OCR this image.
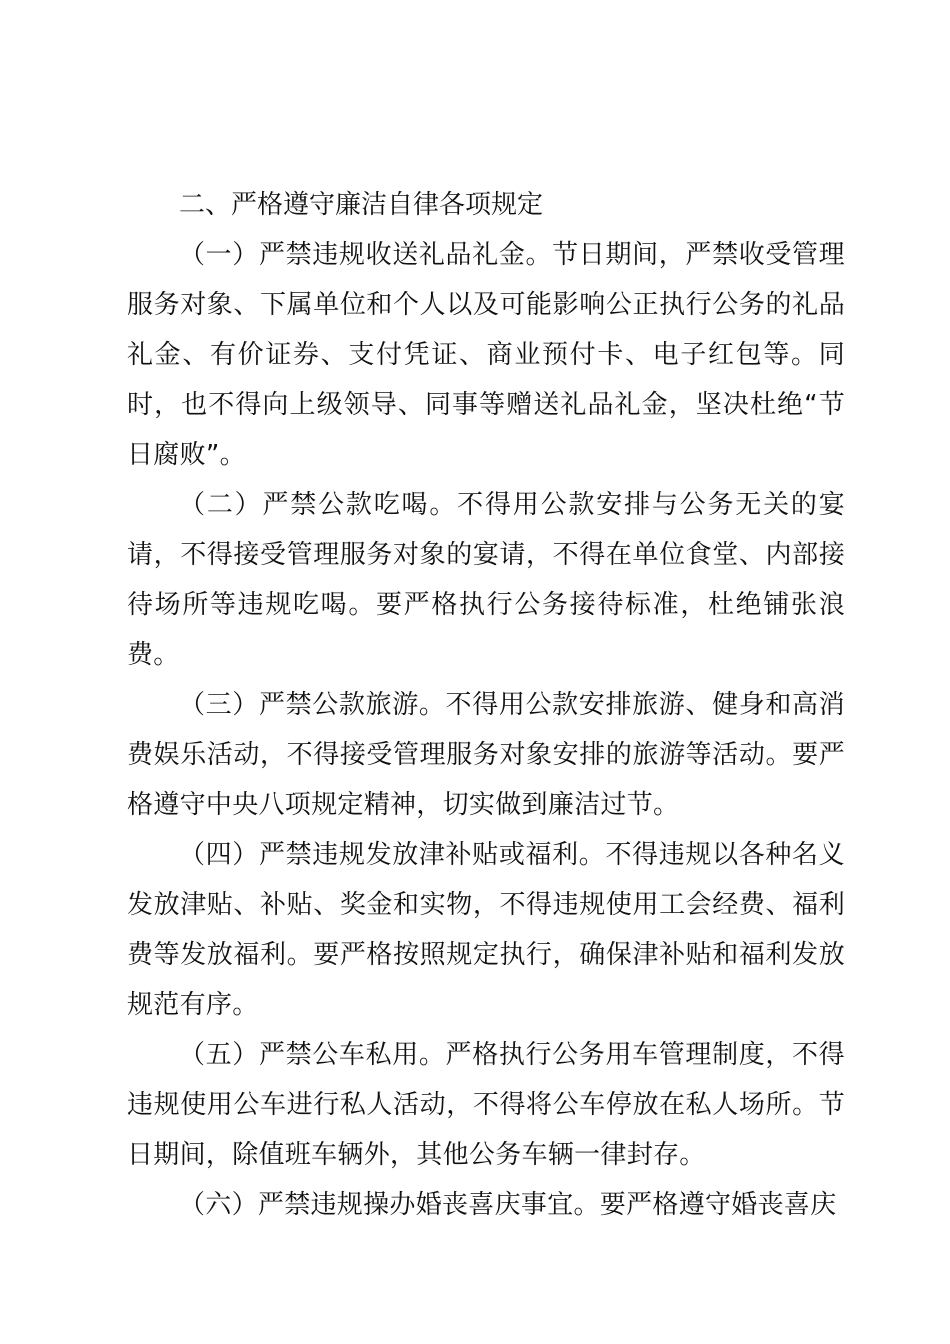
二、严格遵守廉洁自律各项规定

（一）严禁违规收送礼品礼金。节日期间，严禁收受管理服务对象、下属单位和个人以及可能影响公正执行公务的礼品礼金、有价证券、支付凭证、商业预付卡、电子红包等。同时，也不得向上级领导、同事等赠送礼品礼金，坚决杜绝“节日腐败”。

（二）严禁公款吃喝。不得用公款安排与公务无关的宴请，不得接受管理服务对象的宴请，不得在单位食堂、内部接待场所等违规吃喝。要严格执行公务接待标准，杜绝铺张浪费。

（三）严禁公款旅游。不得用公款安排旅游、健身和高消费娱乐活动，不得接受管理服务对象安排的旅游等活动。要严格遵守中央八项规定精神，切实做到廉洁过节。

（四）严禁违规发放津补贴或福利。不得违规以各种名义发放津贴、补贴、奖金和实物，不得违规使用工会经费、福利费等发放福利。要严格按照规定执行，确保津补贴和福利发放规范有序。

（五）严禁公车私用。严格执行公务用车管理制度，不得违规使用公车进行私人活动，不得将公车停放在私人场所。节日期间，除值班车辆外，其他公务车辆一律封存。

（六）严禁违规操办婚丧喜庆事宜。要严格遵守婚丧喜庆
